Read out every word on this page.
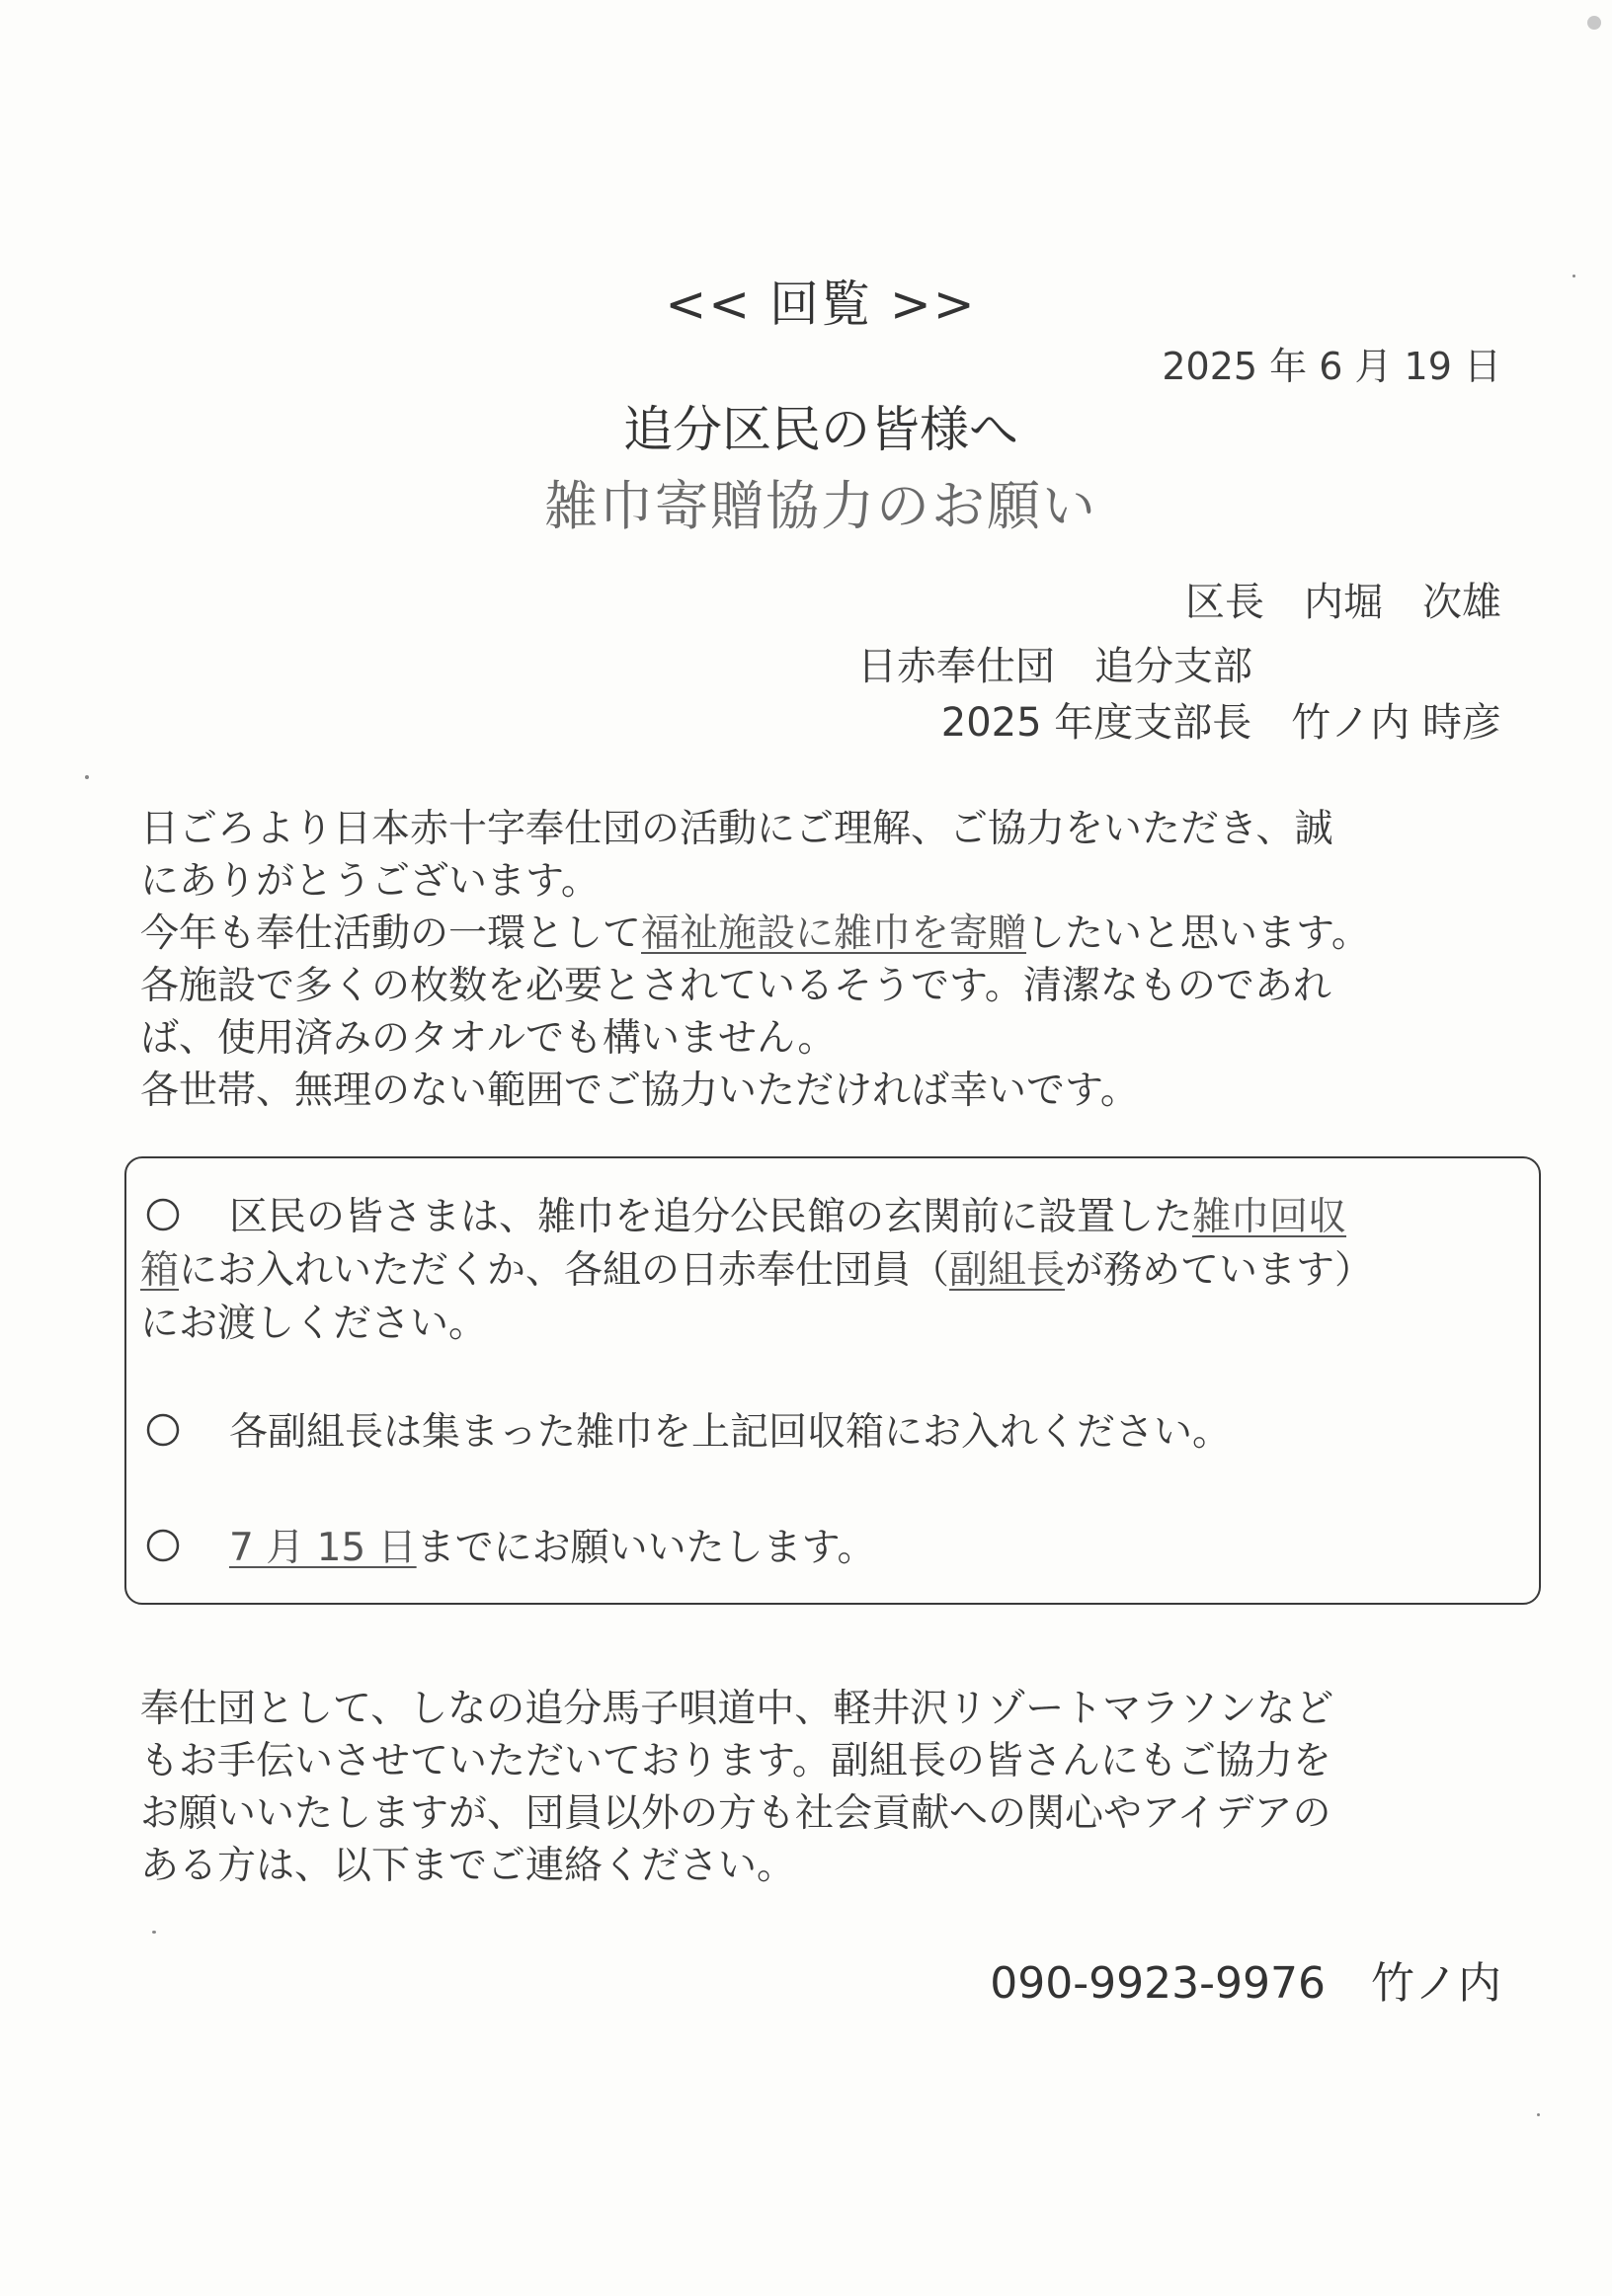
<< 回覧 >>
2025 年 6 月 19 日
追分区民の皆様へ
雑巾寄贈協力のお願い
区長　内堀　次雄
日赤奉仕団　追分支部
2025 年度支部長　竹ノ内 時彦
日ごろより日本赤十字奉仕団の活動にご理解、ご協力をいただき、誠
にありがとうございます。
今年も奉仕活動の一環として福祉施設に雑巾を寄贈したいと思います。
各施設で多くの枚数を必要とされているそうです。清潔なものであれ
ば、使用済みのタオルでも構いません。
各世帯、無理のない範囲でご協力いただければ幸いです。
区民の皆さまは、雑巾を追分公民館の玄関前に設置した雑巾回収
箱にお入れいただくか、各組の日赤奉仕団員（副組長が務めています）
にお渡しください。
各副組長は集まった雑巾を上記回収箱にお入れください。
7 月 15 日までにお願いいたします。
奉仕団として、しなの追分馬子唄道中、軽井沢リゾートマラソンなど
もお手伝いさせていただいております。副組長の皆さんにもご協力を
お願いいたしますが、団員以外の方も社会貢献への関心やアイデアの
ある方は、以下までご連絡ください。
090-9923-9976 竹ノ内
